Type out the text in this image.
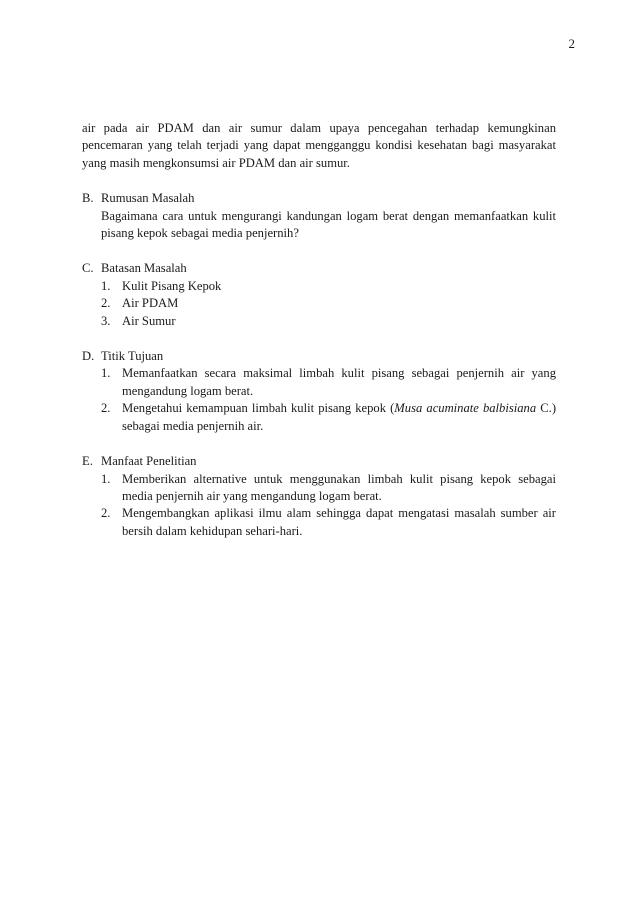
2

air pada air PDAM dan air sumur dalam upaya pencegahan terhadap kemungkinan pencemaran yang telah terjadi yang dapat mengganggu kondisi kesehatan bagi masyarakat yang masih mengkonsumsi air PDAM dan air sumur.

B. Rumusan Masalah

Bagaimana cara untuk mengurangi kandungan logam berat dengan memanfaatkan kulit pisang kepok sebagai media penjernih?

C. Batasan Masalah
1. Kulit Pisang Kepok
2. Air PDAM
3. Air Sumur
D. Titik Tujuan
1. Memanfaatkan secara maksimal limbah kulit pisang sebagai penjernih air yang mengandung logam berat.
2. Mengetahui kemampuan limbah kulit pisang kepok (Musa acuminate balbisiana C.) sebagai media penjernih air.
E. Manfaat Penelitian
1. Memberikan alternative untuk menggunakan limbah kulit pisang kepok sebagai media penjernih air yang mengandung logam berat.
2. Mengembangkan aplikasi ilmu alam sehingga dapat mengatasi masalah sumber air bersih dalam kehidupan sehari-hari.
